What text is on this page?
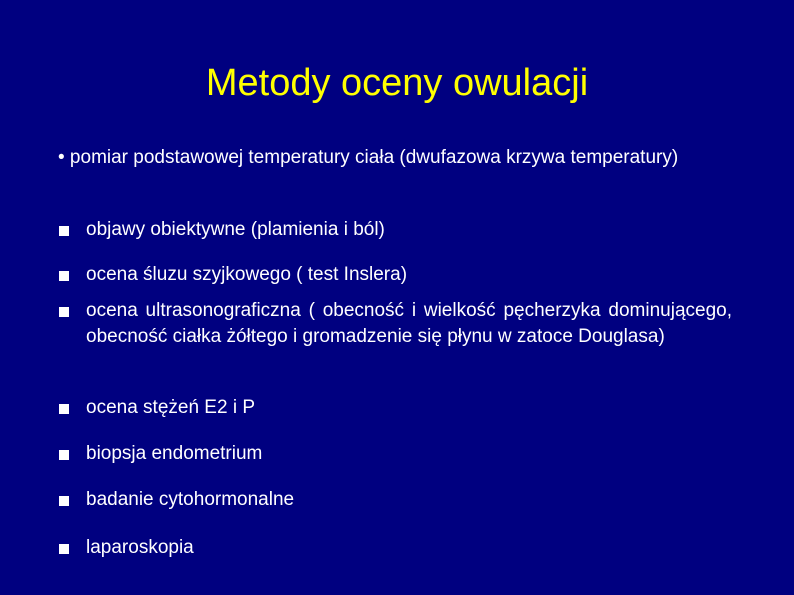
Metody oceny owulacji
• pomiar podstawowej temperatury ciała (dwufazowa krzywa temperatury)
objawy obiektywne (plamienia i ból)
ocena śluzu szyjkowego ( test Inslera)
ocena ultrasonograficzna ( obecność i wielkość pęcherzyka dominującego, obecność ciałka żółtego i gromadzenie się płynu w zatoce Douglasa)
ocena stężeń E2 i P
biopsja endometrium
badanie cytohormonalne
laparoskopia
